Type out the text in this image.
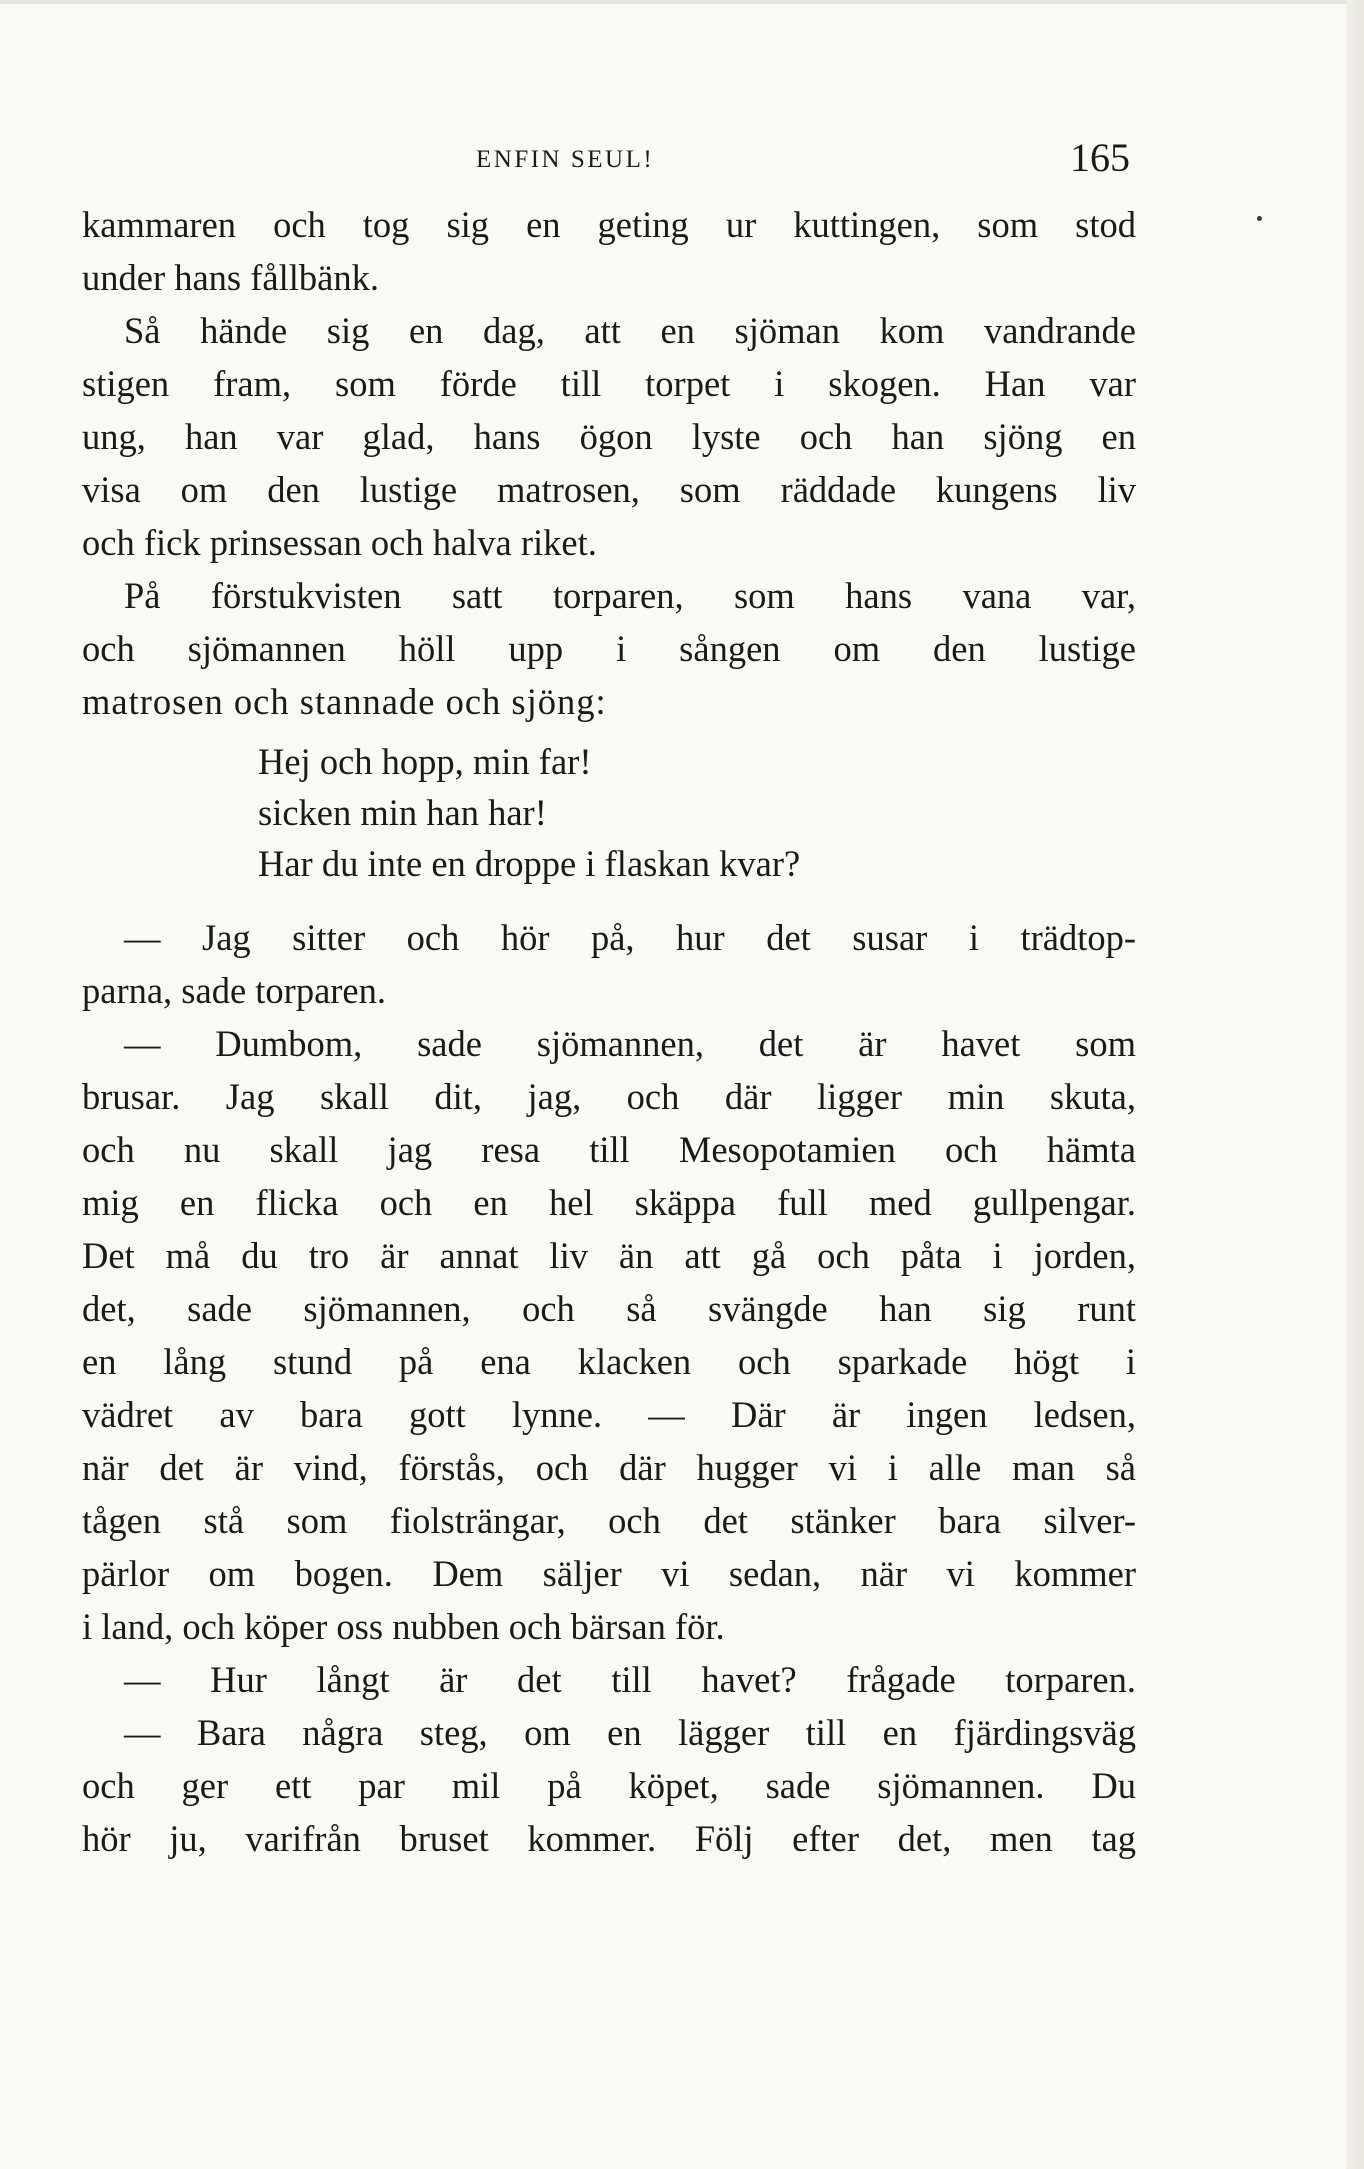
ENFIN SEUL!	165

kammaren och tog sig en geting ur kuttingen, som stod
under hans fållbänk.

Så hände sig en dag, att en sjöman kom vandrande
stigen fram, som förde till torpet i skogen. Han var
ung, han var glad, hans ögon lyste och han sjöng en
visa om den lustige matrosen, som räddade kungens liv
och fick prinsessan och halva riket.

På förstukvisten satt torparen, som hans vana var,
och sjömannen höll upp i sången om den lustige
matrosen och stannade och sjöng:

Hej och hopp, min far!
sicken min han har!
Har du inte en droppe i flaskan kvar?

— Jag sitter och hör på, hur det susar i trädtop-
parna, sade torparen.

— Dumbom, sade sjömannen, det är havet som
brusar. Jag skall dit, jag, och där ligger min skuta,
och nu skall jag resa till Mesopotamien och hämta
mig en flicka och en hel skäppa full med gullpengar.
Det må du tro är annat liv än att gå och påta i jorden,
det, sade sjömannen, och så svängde han sig runt
en lång stund på ena klacken och sparkade högt i
vädret av bara gott lynne. — Där är ingen ledsen,
när det är vind, förstås, och där hugger vi i alle man så
tågen stå som fiolsträngar, och det stänker bara silver-
pärlor om bogen. Dem säljer vi sedan, när vi kommer
i land, och köper oss nubben och bärsan för.

— Hur långt är det till havet? frågade torparen.

— Bara några steg, om en lägger till en fjärdingsväg
och ger ett par mil på köpet, sade sjömannen. Du
hör ju, varifrån bruset kommer. Följ efter det, men tag
